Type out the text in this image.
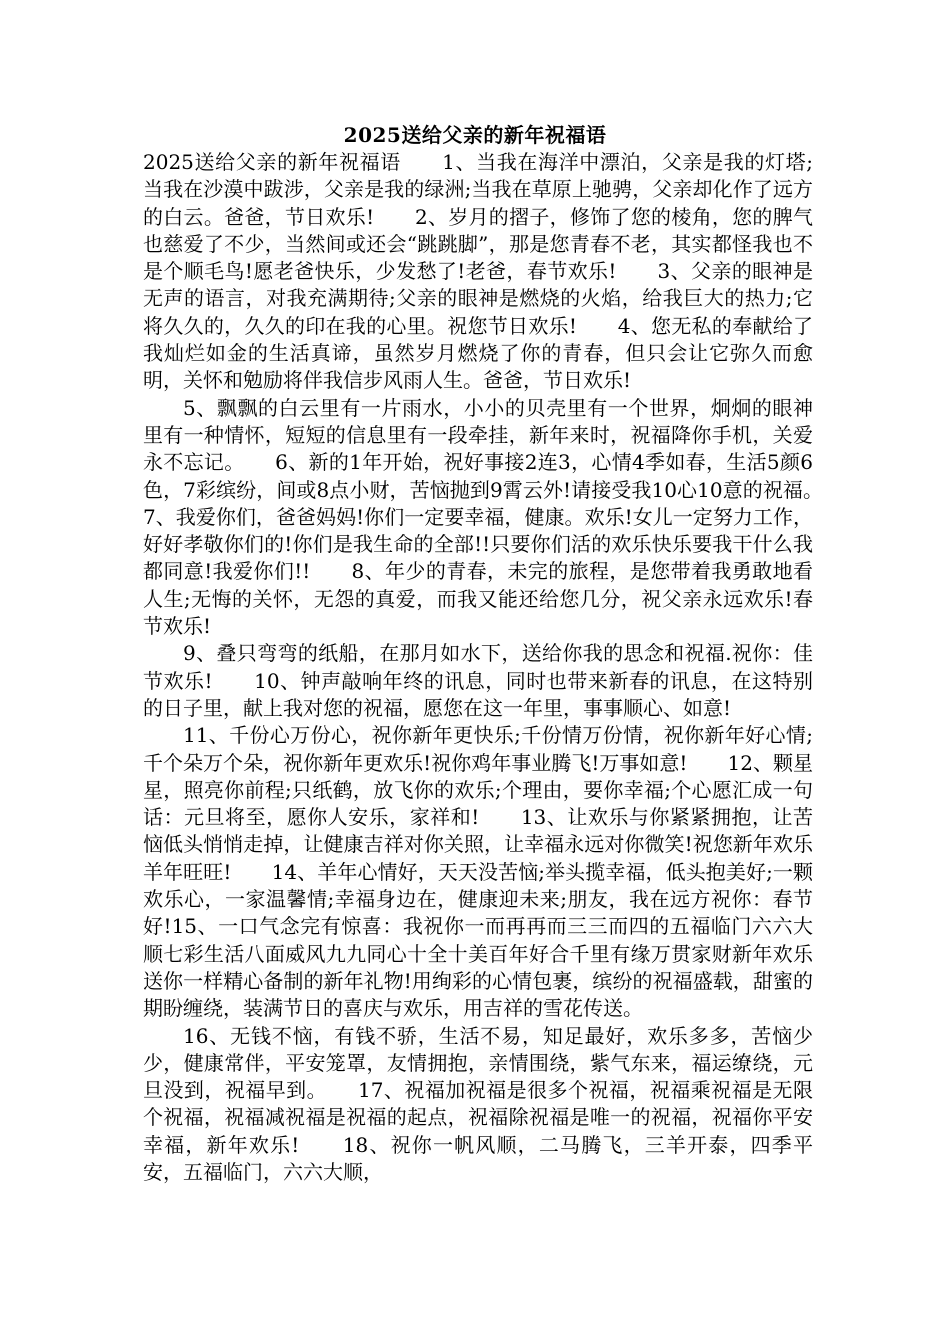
2025送给父亲的新年祝福语

2025送给父亲的新年祝福语　　1、当我在海洋中漂泊，父亲是我的灯塔;当我在沙漠中跋涉，父亲是我的绿洲;当我在草原上驰骋，父亲却化作了远方的白云。爸爸，节日欢乐!　　2、岁月的摺子，修饰了您的棱角，您的脾气也慈爱了不少，当然间或还会“跳跳脚”，那是您青春不老，其实都怪我也不是个顺毛鸟!愿老爸快乐，少发愁了!老爸，春节欢乐!　　3、父亲的眼神是无声的语言，对我充满期待;父亲的眼神是燃烧的火焰，给我巨大的热力;它将久久的，久久的印在我的心里。祝您节日欢乐!　　4、您无私的奉献给了我灿烂如金的生活真谛，虽然岁月燃烧了你的青春，但只会让它弥久而愈明，关怀和勉励将伴我信步风雨人生。爸爸，节日欢乐!

5、飘飘的白云里有一片雨水，小小的贝壳里有一个世界，炯炯的眼神里有一种情怀，短短的信息里有一段牵挂，新年来时，祝福降你手机，关爱永不忘记。　　6、新的1年开始，祝好事接2连3，心情4季如春，生活5颜6色，7彩缤纷，间或8点小财，苦恼抛到9霄云外!请接受我10心10意的祝福。　　7、我爱你们，爸爸妈妈!你们一定要幸福，健康。欢乐!女儿一定努力工作，好好孝敬你们的!你们是我生命的全部!!只要你们活的欢乐快乐要我干什么我都同意!我爱你们!!　　8、年少的青春，未完的旅程，是您带着我勇敢地看人生;无悔的关怀，无怨的真爱，而我又能还给您几分，祝父亲永远欢乐!春节欢乐!

9、叠只弯弯的纸船，在那月如水下，送给你我的思念和祝福.祝你：佳节欢乐!　　10、钟声敲响年终的讯息，同时也带来新春的讯息，在这特别的日子里，献上我对您的祝福，愿您在这一年里，事事顺心、如意!

11、千份心万份心，祝你新年更快乐;千份情万份情，祝你新年好心情;千个朵万个朵，祝你新年更欢乐!祝你鸡年事业腾飞!万事如意!　　12、颗星星，照亮你前程;只纸鹤，放飞你的欢乐;个理由，要你幸福;个心愿汇成一句话：元旦将至，愿你人安乐，家祥和!　　13、让欢乐与你紧紧拥抱，让苦恼低头悄悄走掉，让健康吉祥对你关照，让幸福永远对你微笑!祝您新年欢乐羊年旺旺!　　14、羊年心情好，天天没苦恼;举头揽幸福，低头抱美好;一颗欢乐心，一家温馨情;幸福身边在，健康迎未来;朋友，我在远方祝你：春节好!15、一口气念完有惊喜：我祝你一而再再而三三而四的五福临门六六大顺七彩生活八面威风九九同心十全十美百年好合千里有缘万贯家财新年欢乐送你一样精心备制的新年礼物!用绚彩的心情包裹，缤纷的祝福盛载，甜蜜的期盼缠绕，装满节日的喜庆与欢乐，用吉祥的雪花传送。

16、无钱不恼，有钱不骄，生活不易，知足最好，欢乐多多，苦恼少少，健康常伴，平安笼罩，友情拥抱，亲情围绕，紫气东来，福运缭绕，元旦没到，祝福早到。　　17、祝福加祝福是很多个祝福，祝福乘祝福是无限个祝福，祝福减祝福是祝福的起点，祝福除祝福是唯一的祝福，祝福你平安幸福，新年欢乐!　　18、祝你一帆风顺，二马腾飞，三羊开泰，四季平安，五福临门，六六大顺，
